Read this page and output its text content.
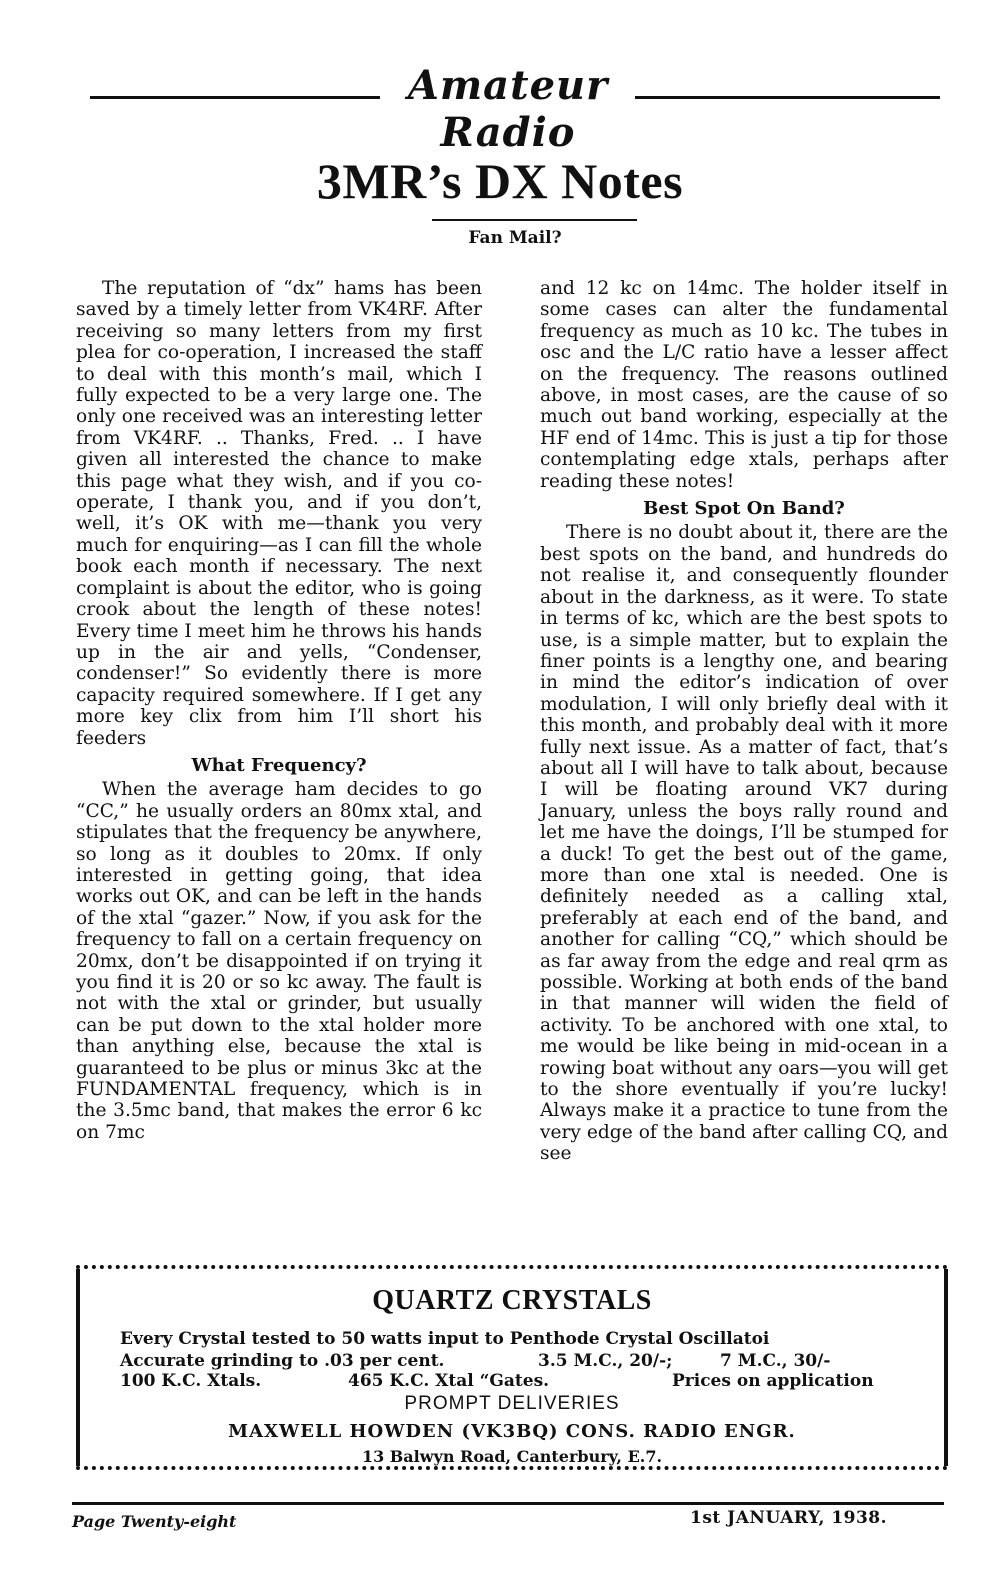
Amateur Radio
3MR’s DX Notes
Fan Mail?

The reputation of “dx” hams has been saved by a timely letter from VK4RF. After receiving so many letters from my first plea for co-operation, I increased the staff to deal with this month’s mail, which I fully expected to be a very large one. The only one received was an interesting letter from VK4RF. .. Thanks, Fred. .. I have given all interested the chance to make this page what they wish, and if you co-operate, I thank you, and if you don’t, well, it’s OK with me—thank you very much for enquiring—as I can fill the whole book each month if necessary. The next complaint is about the editor, who is going crook about the length of these notes! Every time I meet him he throws his hands up in the air and yells, “Condenser, condenser!” So evidently there is more capacity required somewhere. If I get any more key clix from him I’ll short his feeders

What Frequency?

When the average ham decides to go “CC,” he usually orders an 80mx xtal, and stipulates that the frequency be anywhere, so long as it doubles to 20mx. If only interested in getting going, that idea works out OK, and can be left in the hands of the xtal “gazer.” Now, if you ask for the frequency to fall on a certain frequency on 20mx, don’t be disappointed if on trying it you find it is 20 or so kc away. The fault is not with the xtal or grinder, but usually can be put down to the xtal holder more than anything else, because the xtal is guaranteed to be plus or minus 3kc at the FUNDAMENTAL frequency, which is in the 3.5mc band, that makes the error 6 kc on 7mc

and 12 kc on 14mc. The holder itself in some cases can alter the fundamental frequency as much as 10 kc. The tubes in osc and the L/C ratio have a lesser affect on the frequency. The reasons outlined above, in most cases, are the cause of so much out band working, especially at the HF end of 14mc. This is just a tip for those contemplating edge xtals, perhaps after reading these notes!

Best Spot On Band?

There is no doubt about it, there are the best spots on the band, and hundreds do not realise it, and consequently flounder about in the darkness, as it were. To state in terms of kc, which are the best spots to use, is a simple matter, but to explain the finer points is a lengthy one, and bearing in mind the editor’s indication of over modulation, I will only briefly deal with it this month, and probably deal with it more fully next issue. As a matter of fact, that’s about all I will have to talk about, because I will be floating around VK7 during January, unless the boys rally round and let me have the doings, I’ll be stumped for a duck! To get the best out of the game, more than one xtal is needed. One is definitely needed as a calling xtal, preferably at each end of the band, and another for calling “CQ,” which should be as far away from the edge and real qrm as possible. Working at both ends of the band in that manner will widen the field of activity. To be anchored with one xtal, to me would be like being in mid-ocean in a rowing boat without any oars—you will get to the shore eventually if you’re lucky! Always make it a practice to tune from the very edge of the band after calling CQ, and see

QUARTZ CRYSTALS
Every Crystal tested to 50 watts input to Penthode Crystal Oscillatoi
Accurate grinding to .03 per cent.	3.5 M.C., 20/-;	7 M.C., 30/-
100 K.C. Xtals.	465 K.C. Xtal “Gates.	Prices on application
PROMPT DELIVERIES
MAXWELL HOWDEN (VK3BQ) CONS. RADIO ENGR.
13 Balwyn Road, Canterbury, E.7.
Page Twenty-eight	1st JANUARY, 1938.
